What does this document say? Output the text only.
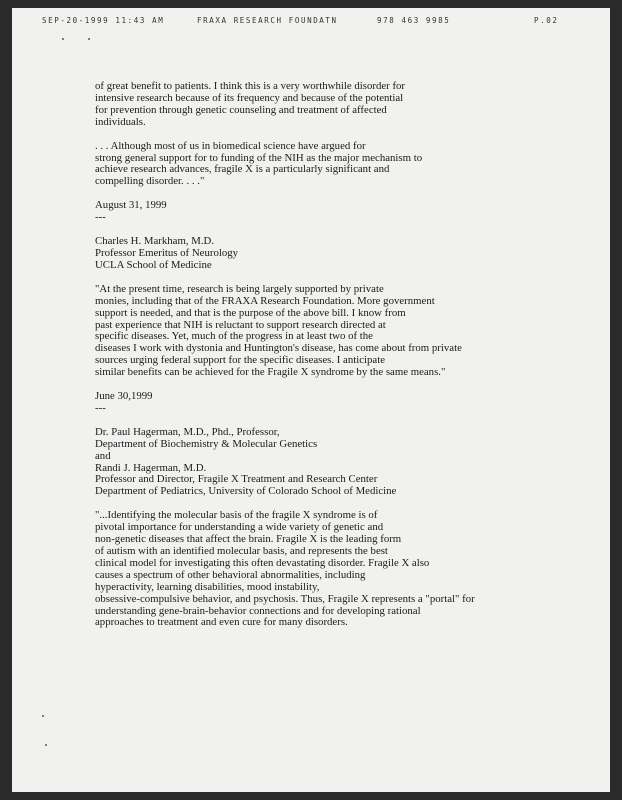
SEP-20-1999 11:43 AM	FRAXA RESEARCH FOUNDATN	978 463 9985	P.02
of great benefit to patients. I think this is a very worthwhile disorder for
intensive research because of its frequency and because of the potential
for prevention through genetic counseling and treatment of affected
individuals.
. . . Although most of us in biomedical science have argued for
strong general support for to funding of the NIH as the major mechanism to
achieve research advances, fragile X is a particularly significant and
compelling disorder. . . ."
August 31, 1999
---
Charles H. Markham, M.D.
Professor Emeritus of Neurology
UCLA School of Medicine
"At the present time, research is being largely supported by private
monies, including that of the FRAXA Research Foundation. More government
support is needed, and that is the purpose of the above bill. I know from
past experience that NIH is reluctant to support research directed at
specific diseases. Yet, much of the progress in at least two of the
diseases I work with dystonia and Huntington's disease, has come about from private
sources urging federal support for the specific diseases. I anticipate
similar benefits can be achieved for the Fragile X syndrome by the same means."
June 30,1999
---
Dr. Paul Hagerman, M.D., Phd., Professor,
Department of Biochemistry & Molecular Genetics
and
Randi J. Hagerman, M.D.
Professor and Director, Fragile X Treatment and Research Center
Department of Pediatrics, University of Colorado School of Medicine
"...Identifying the molecular basis of the fragile X syndrome is of
pivotal importance for understanding a wide variety of genetic and
non-genetic diseases that affect the brain. Fragile X is the leading form
of autism with an identified molecular basis, and represents the best
clinical model for investigating this often devastating disorder. Fragile X also
causes a spectrum of other behavioral abnormalities, including
hyperactivity, learning disabilities, mood instability,
obsessive-compulsive behavior, and psychosis. Thus, Fragile X represents a "portal" for
understanding gene-brain-behavior connections and for developing rational
approaches to treatment and even cure for many disorders.
